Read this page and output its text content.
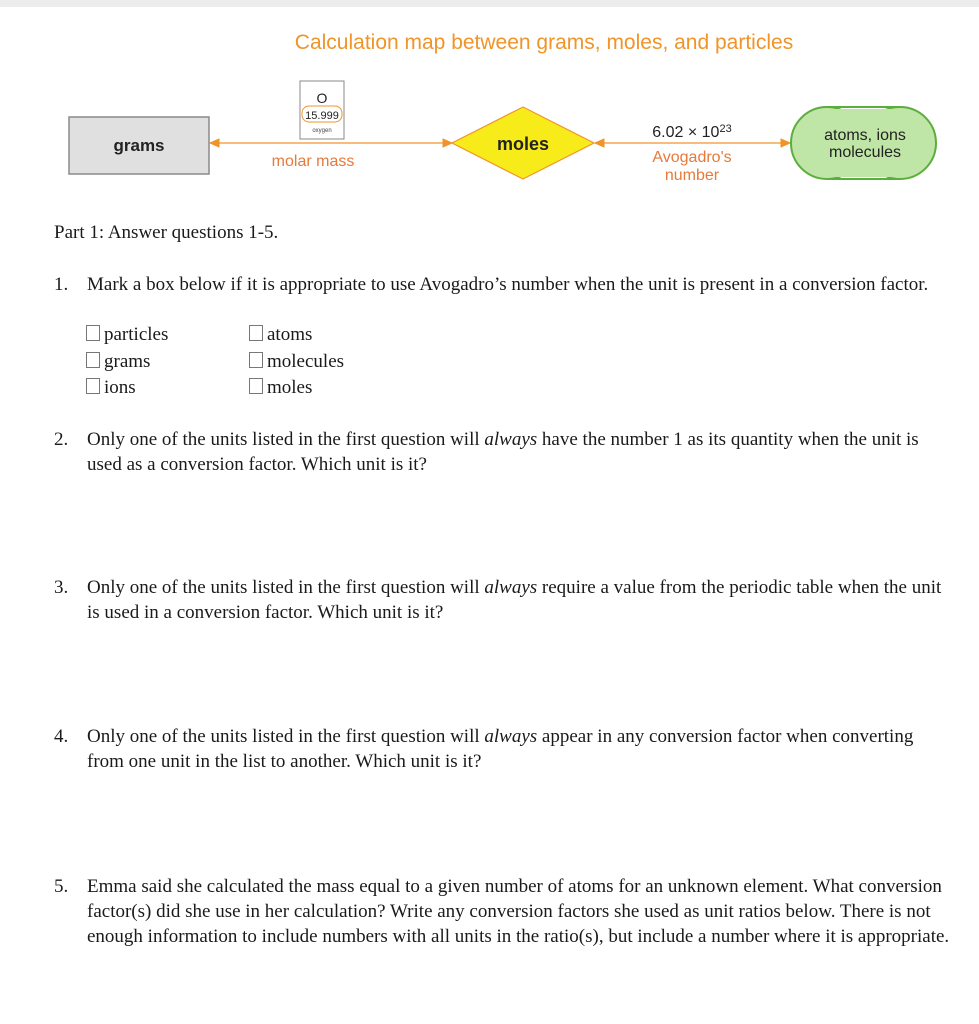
Calculation map between grams, moles, and particles
grams
O
15.999
oxygen
molar mass
moles
$6.02 \times 10^{23}$
Avogadro's
number
atoms, ions
molecules
Part 1: Answer questions 1-5.
1. Mark a box below if it is appropriate to use Avogadro’s number when the unit is present in a conversion factor.
particles	atoms
grams	molecules
ions	moles
2. Only one of the units listed in the first question will always have the number 1 as its quantity when the unit is used as a conversion factor. Which unit is it?
3. Only one of the units listed in the first question will always require a value from the periodic table when the unit is used in a conversion factor. Which unit is it?
4. Only one of the units listed in the first question will always appear in any conversion factor when converting from one unit in the list to another. Which unit is it?
5. Emma said she calculated the mass equal to a given number of atoms for an unknown element. What conversion factor(s) did she use in her calculation? Write any conversion factors she used as unit ratios below. There is not enough information to include numbers with all units in the ratio(s), but include a number where it is appropriate.
